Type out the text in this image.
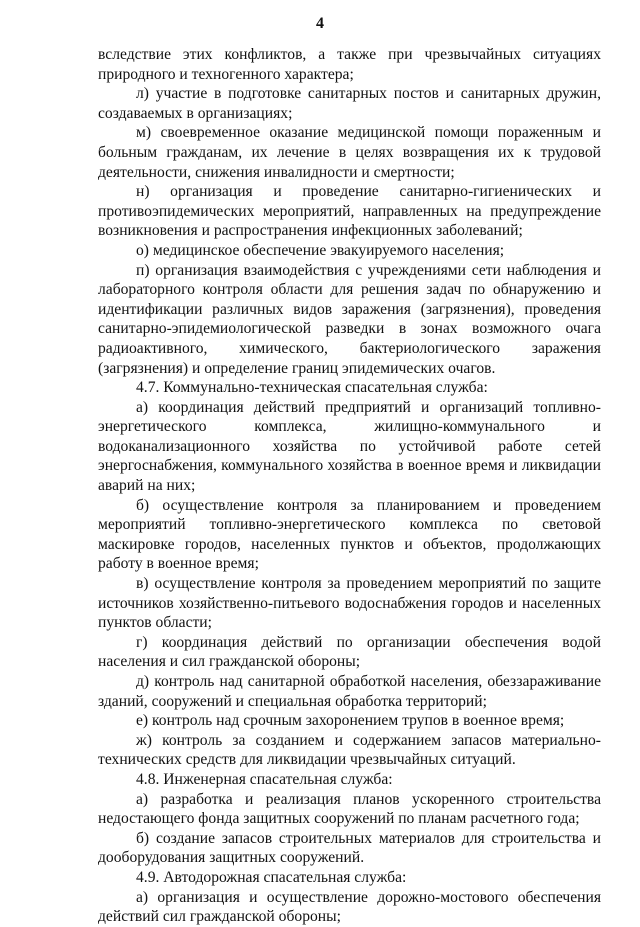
4

вследствие этих конфликтов, а также при чрезвычайных ситуациях природного и техногенного характера;

л) участие в подготовке санитарных постов и санитарных дружин, создаваемых в организациях;

м) своевременное оказание медицинской помощи пораженным и больным гражданам, их лечение в целях возвращения их к трудовой деятельности, снижения инвалидности и смертности;

н) организация и проведение санитарно-гигиенических и противоэпидемических мероприятий, направленных на предупреждение возникновения и распространения инфекционных заболеваний;

о) медицинское обеспечение эвакуируемого населения;

п) организация взаимодействия с учреждениями сети наблюдения и лабораторного контроля области для решения задач по обнаружению и идентификации различных видов заражения (загрязнения), проведения санитарно-эпидемиологической разведки в зонах возможного очага радиоактивного, химического, бактериологического заражения (загрязнения) и определение границ эпидемических очагов.

4.7. Коммунально-техническая спасательная служба:

а) координация действий предприятий и организаций топливно-энергетического комплекса, жилищно-коммунального и водоканализационного хозяйства по устойчивой работе сетей энергоснабжения, коммунального хозяйства в военное время и ликвидации аварий на них;

б) осуществление контроля за планированием и проведением мероприятий топливно-энергетического комплекса по световой маскировке городов, населенных пунктов и объектов, продолжающих работу в военное время;

в) осуществление контроля за проведением мероприятий по защите источников хозяйственно-питьевого водоснабжения городов и населенных пунктов области;

г) координация действий по организации обеспечения водой населения и сил гражданской обороны;

д) контроль над санитарной обработкой населения, обеззараживание зданий, сооружений и специальная обработка территорий;

е) контроль над срочным захоронением трупов в военное время;

ж) контроль за созданием и содержанием запасов материально-технических средств для ликвидации чрезвычайных ситуаций.

4.8. Инженерная спасательная служба:

а) разработка и реализация планов ускоренного строительства недостающего фонда защитных сооружений по планам расчетного года;

б) создание запасов строительных материалов для строительства и дооборудования защитных сооружений.

4.9. Автодорожная спасательная служба:

а) организация и осуществление дорожно-мостового обеспечения действий сил гражданской обороны;
